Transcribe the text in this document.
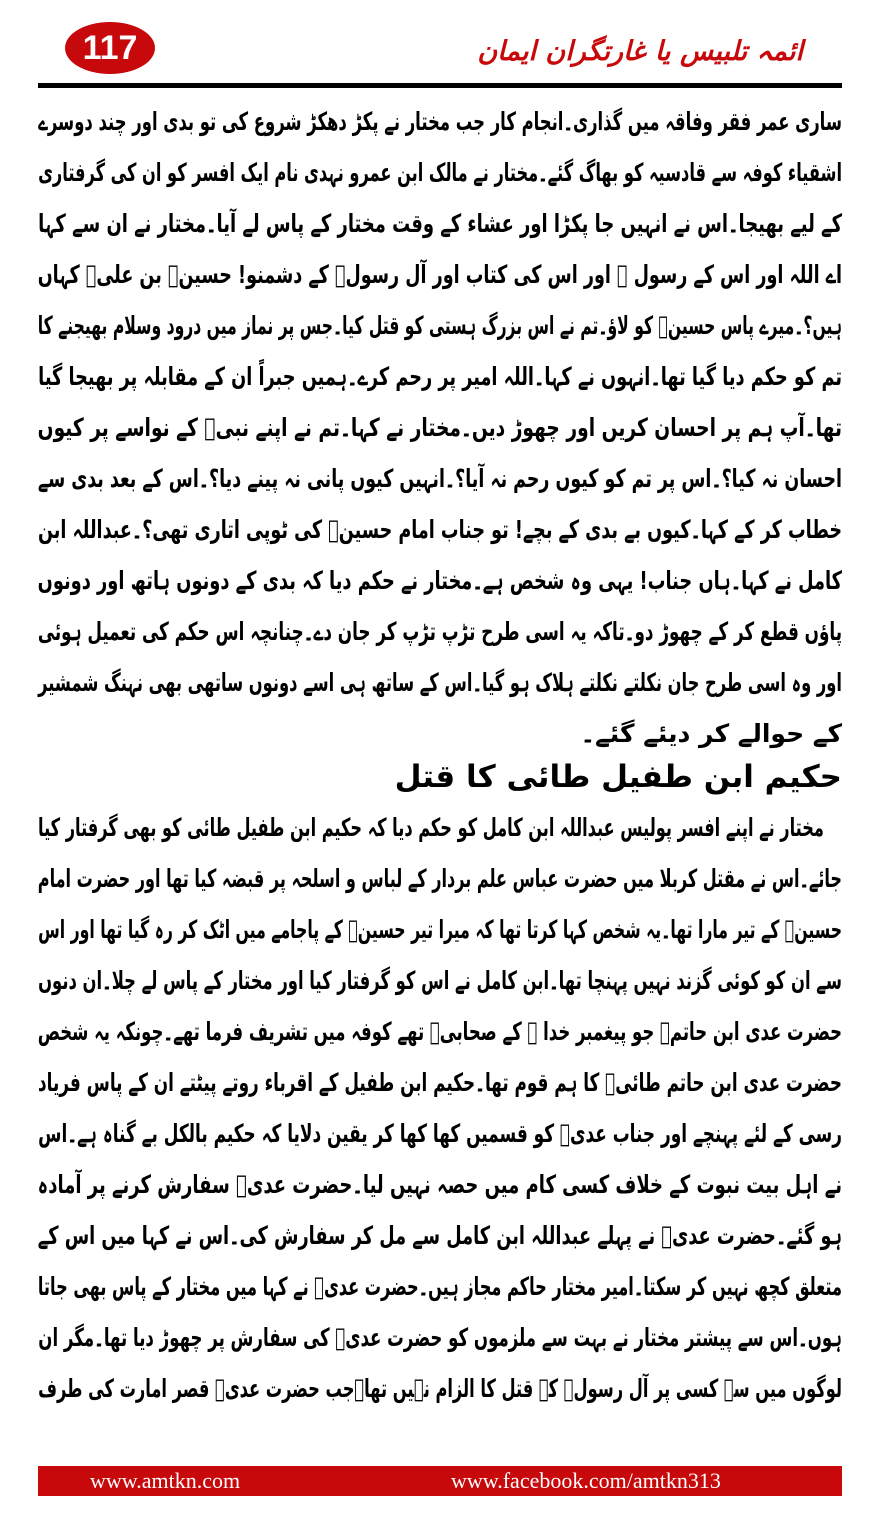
117	ائمہ تلبیس یا غارتگران ایمان
ساری عمر فقر وفاقہ میں گذاری۔انجام کار جب مختار نے پکڑ دھکڑ شروع کی تو بدی اور چند دوسرے
اشقیاء کوفہ سے قادسیہ کو بھاگ گئے۔مختار نے مالک ابن عمرو نہدی نام ایک افسر کو ان کی گرفتاری
کے لیے بھیجا۔اس نے انہیں جا پکڑا اور عشاء کے وقت مختار کے پاس لے آیا۔مختار نے ان سے کہا
اے اللہ اور اس کے رسول ﷺ اور اس کی کتاب اور آل رسولؐ کے دشمنو! حسینؑ بن علیؑ کہاں
ہیں؟۔میرے پاس حسینؑ کو لاؤ۔تم نے اس بزرگ ہستی کو قتل کیا۔جس پر نماز میں درود وسلام بھیجنے کا
تم کو حکم دیا گیا تھا۔انہوں نے کہا۔اللہ امیر پر رحم کرے۔ہمیں جبراً ان کے مقابلہ پر بھیجا گیا
تھا۔آپ ہم پر احسان کریں اور چھوڑ دیں۔مختار نے کہا۔تم نے اپنے نبیؐ کے نواسے پر کیوں
احسان نہ کیا؟۔اس پر تم کو کیوں رحم نہ آیا؟۔انہیں کیوں پانی نہ پینے دیا؟۔اس کے بعد بدی سے
خطاب کر کے کہا۔کیوں بے بدی کے بچے! تو جناب امام حسینؑ کی ٹوپی اتاری تھی؟۔عبداللہ ابن
کامل نے کہا۔ہاں جناب! یہی وہ شخص ہے۔مختار نے حکم دیا کہ بدی کے دونوں ہاتھ اور دونوں
پاؤں قطع کر کے چھوڑ دو۔تاکہ یہ اسی طرح تڑپ تڑپ کر جان دے۔چنانچہ اس حکم کی تعمیل ہوئی
اور وہ اسی طرح جان نکلتے نکلتے ہلاک ہو گیا۔اس کے ساتھ ہی اسے دونوں ساتھی بھی نہنگ شمشیر
کے حوالے کر دیئے گئے۔
حکیم ابن طفیل طائی کا قتل
مختار نے اپنے افسر پولیس عبداللہ ابن کامل کو حکم دیا کہ حکیم ابن طفیل طائی کو بھی گرفتار کیا
جائے۔اس نے مقتل کربلا میں حضرت عباس علم بردار کے لباس و اسلحہ پر قبضہ کیا تھا اور حضرت امام
حسینؑ کے تیر مارا تھا۔یہ شخص کہا کرتا تھا کہ میرا تیر حسینؑ کے پاجامے میں اٹک کر رہ گیا تھا اور اس
سے ان کو کوئی گزند نہیں پہنچا تھا۔ابن کامل نے اس کو گرفتار کیا اور مختار کے پاس لے چلا۔ان دنوں
حضرت عدی ابن حاتمؓ جو پیغمبر خدا ﷺ کے صحابیؓ تھے کوفہ میں تشریف فرما تھے۔چونکہ یہ شخص
حضرت عدی ابن حاتم طائیؓ کا ہم قوم تھا۔حکیم ابن طفیل کے اقرباء روتے پیٹتے ان کے پاس فریاد
رسی کے لئے پہنچے اور جناب عدیؓ کو قسمیں کھا کھا کر یقین دلایا کہ حکیم بالکل بے گناہ ہے۔اس
نے اہل بیت نبوت کے خلاف کسی کام میں حصہ نہیں لیا۔حضرت عدیؓ سفارش کرنے پر آمادہ
ہو گئے۔حضرت عدیؓ نے پہلے عبداللہ ابن کامل سے مل کر سفارش کی۔اس نے کہا میں اس کے
متعلق کچھ نہیں کر سکتا۔امیر مختار حاکم مجاز ہیں۔حضرت عدیؓ نے کہا میں مختار کے پاس بھی جاتا
ہوں۔اس سے پیشتر مختار نے بہت سے ملزموں کو حضرت عدیؓ کی سفارش پر چھوڑ دیا تھا۔مگر ان
لوگوں میں سے کسی پر آل رسولؐ کے قتل کا الزام نہیں تھا۔جب حضرت عدیؓ قصر امارت کی طرف
www.amtkn.com	www.facebook.com/amtkn313
